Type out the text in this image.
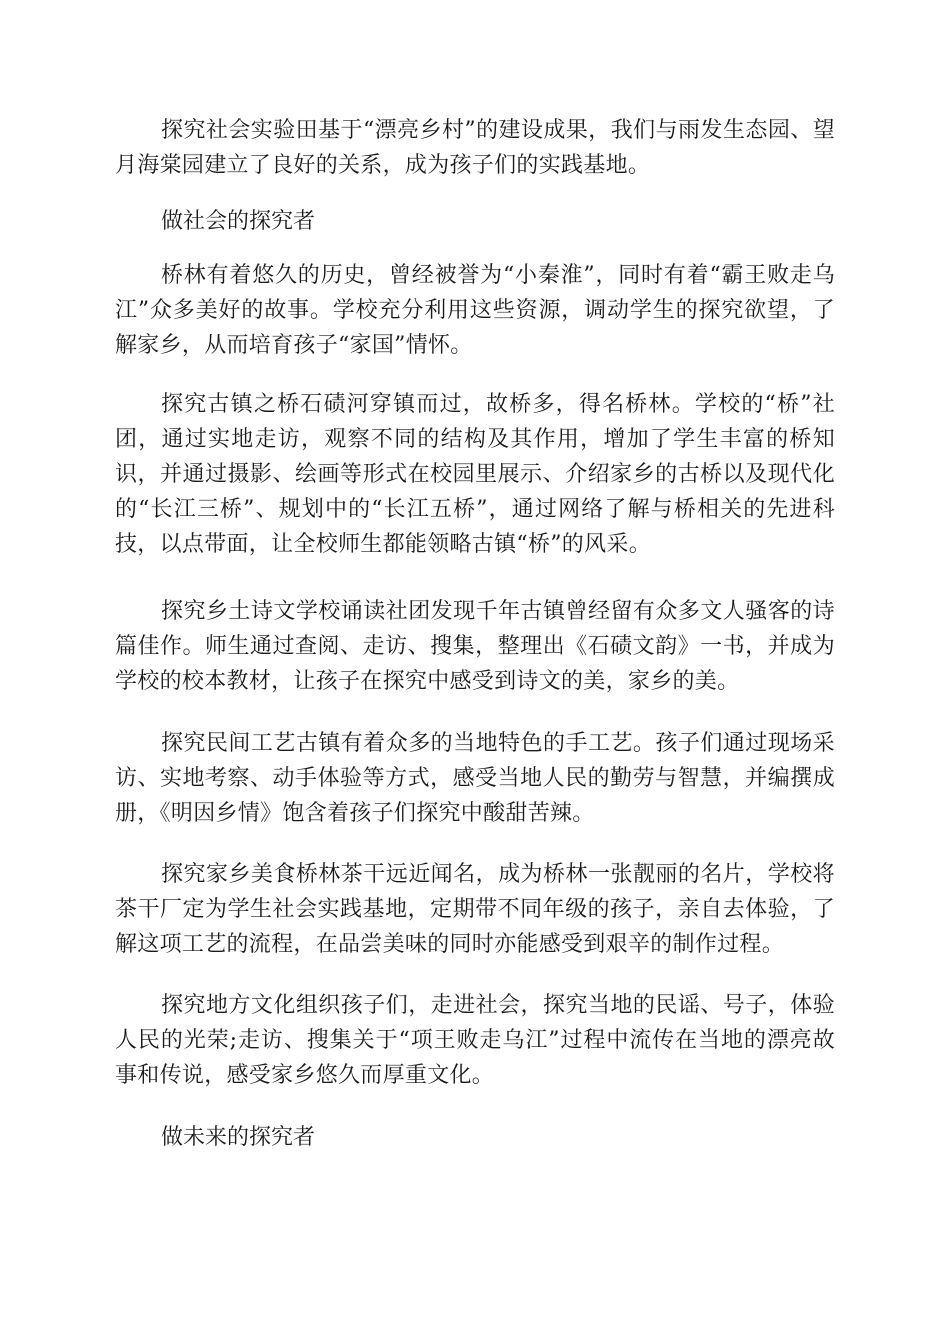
探究社会实验田基于“漂亮乡村”的建设成果，我们与雨发生态园、望月海棠园建立了良好的关系，成为孩子们的实践基地。

做社会的探究者

桥林有着悠久的历史，曾经被誉为“小秦淮”，同时有着“霸王败走乌江”众多美好的故事。学校充分利用这些资源，调动学生的探究欲望，了解家乡，从而培育孩子“家国”情怀。

探究古镇之桥石碛河穿镇而过，故桥多，得名桥林。学校的“桥”社团，通过实地走访，观察不同的结构及其作用，增加了学生丰富的桥知识，并通过摄影、绘画等形式在校园里展示、介绍家乡的古桥以及现代化的“长江三桥”、规划中的“长江五桥”，通过网络了解与桥相关的先进科技，以点带面，让全校师生都能领略古镇“桥”的风采。

探究乡土诗文学校诵读社团发现千年古镇曾经留有众多文人骚客的诗篇佳作。师生通过查阅、走访、搜集，整理出《石碛文韵》一书，并成为学校的校本教材，让孩子在探究中感受到诗文的美，家乡的美。

探究民间工艺古镇有着众多的当地特色的手工艺。孩子们通过现场采访、实地考察、动手体验等方式，感受当地人民的勤劳与智慧，并编撰成册，《明因乡情》饱含着孩子们探究中酸甜苦辣。

探究家乡美食桥林茶干远近闻名，成为桥林一张靓丽的名片，学校将茶干厂定为学生社会实践基地，定期带不同年级的孩子，亲自去体验，了解这项工艺的流程，在品尝美味的同时亦能感受到艰辛的制作过程。

探究地方文化组织孩子们，走进社会，探究当地的民谣、号子，体验人民的光荣;走访、搜集关于“项王败走乌江”过程中流传在当地的漂亮故事和传说，感受家乡悠久而厚重文化。

做未来的探究者
